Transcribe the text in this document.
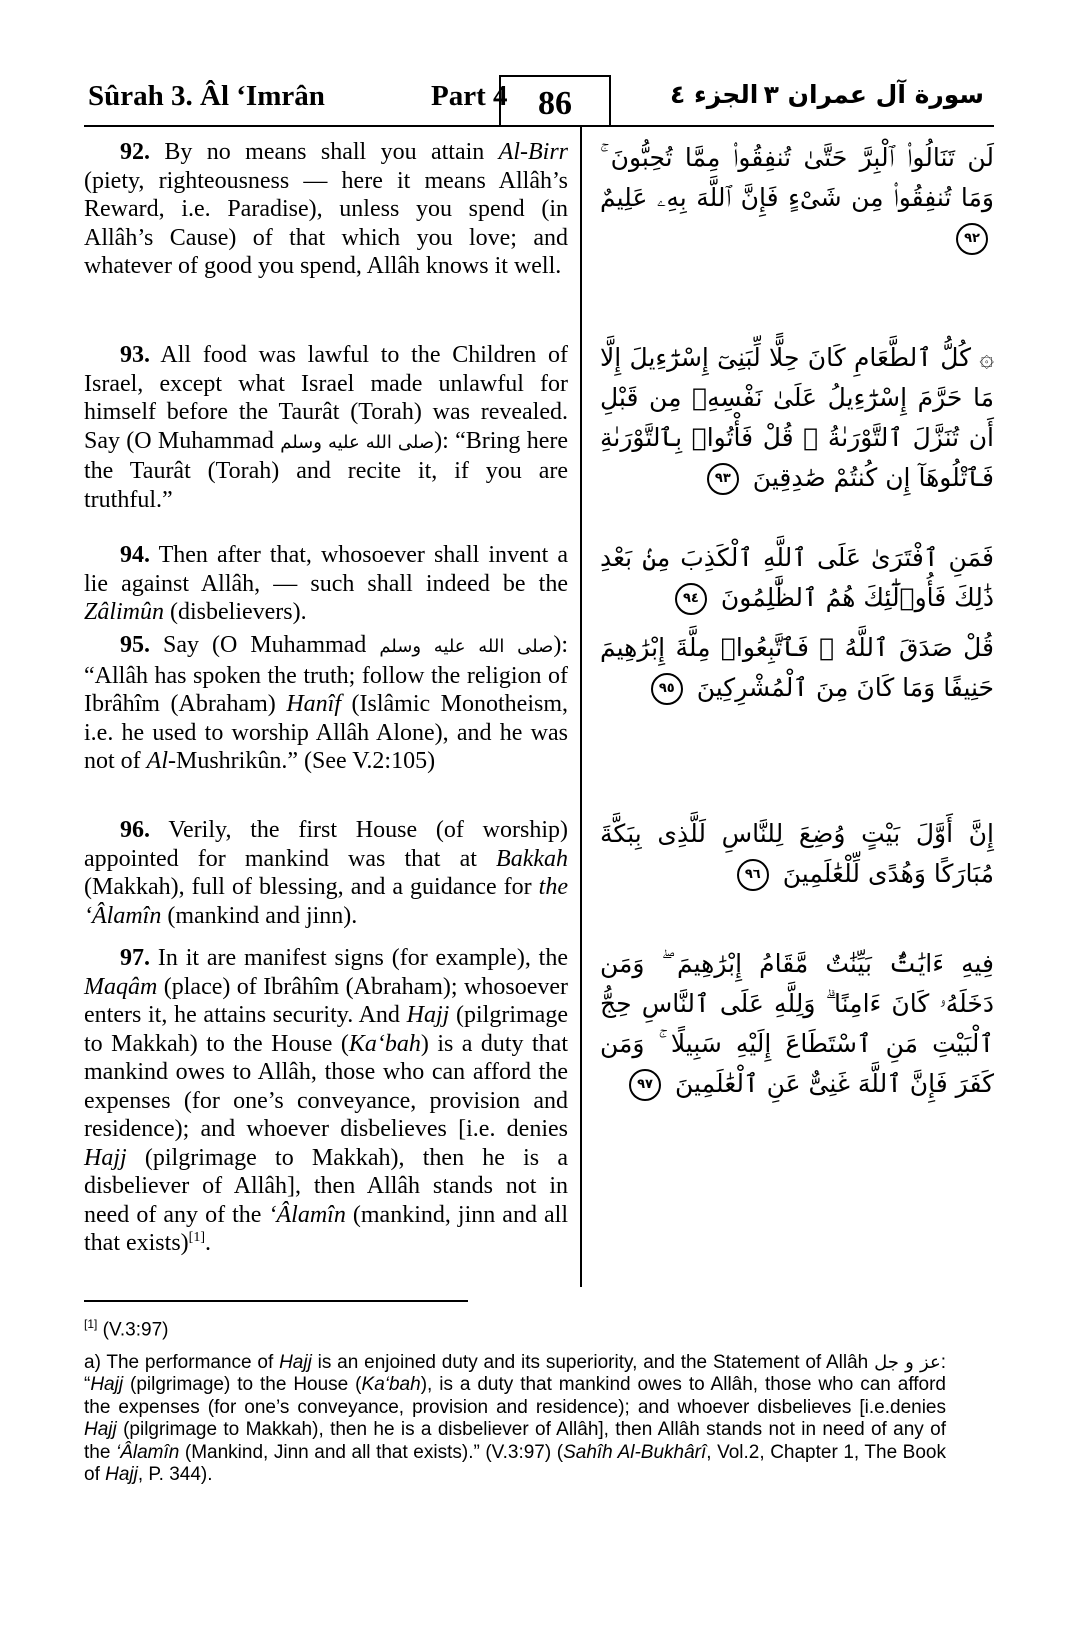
Sûrah 3. Âl ‘Imrân	Part 4 86	الجزء ٤ سورة آل عمران ٣

92. By no means shall you attain Al-Birr (piety, righteousness — here it means Allâh’s Reward, i.e. Paradise), unless you spend (in Allâh’s Cause) of that which you love; and whatever of good you spend, Allâh knows it well.

93. All food was lawful to the Children of Israel, except what Israel made unlawful for himself before the Taurât (Torah) was revealed. Say (O Muhammad صلى الله عليه وسلم): “Bring here the Taurât (Torah) and recite it, if you are truthful.”

94. Then after that, whosoever shall invent a lie against Allâh, — such shall indeed be the Zâlimûn (disbelievers).

95. Say (O Muhammad صلى الله عليه وسلم): “Allâh has spoken the truth; follow the religion of Ibrâhîm (Abraham) Hanîf (Islâmic Monotheism, i.e. he used to worship Allâh Alone), and he was not of Al-Mushrikûn.” (See V.2:105)

96. Verily, the first House (of worship) appointed for mankind was that at Bakkah (Makkah), full of blessing, and a guidance for the ‘Âlamîn (mankind and jinn).

97. In it are manifest signs (for example), the Maqâm (place) of Ibrâhîm (Abraham); whosoever enters it, he attains security. And Hajj (pilgrimage to Makkah) to the House (Ka‘bah) is a duty that mankind owes to Allâh, those who can afford the expenses (for one’s conveyance, provision and residence); and whoever disbelieves [i.e. denies Hajj (pilgrimage to Makkah), then he is a disbeliever of Allâh], then Allâh stands not in need of any of the ‘Âlamîn (mankind, jinn and all that exists)[1].

لَن تَنَالُوا۟ ٱلْبِرَّ حَتَّىٰ تُنفِقُوا۟ مِمَّا تُحِبُّونَ ۚ وَمَا تُنفِقُوا۟ مِن شَىْءٍ فَإِنَّ ٱللَّهَ بِهِۦ عَلِيمٌ ٩٢
۞ كُلُّ ٱلطَّعَامِ كَانَ حِلًّا لِّبَنِىٓ إِسْرَٰٓءِيلَ إِلَّا مَا حَرَّمَ إِسْرَٰٓءِيلُ عَلَىٰ نَفْسِهِۦ مِن قَبْلِ أَن تُنَزَّلَ ٱلتَّوْرَىٰةُ ۗ قُلْ فَأْتُوا۟ بِٱلتَّوْرَىٰةِ فَٱتْلُوهَآ إِن كُنتُمْ صَٰدِقِينَ ٩٣
فَمَنِ ٱفْتَرَىٰ عَلَى ٱللَّهِ ٱلْكَذِبَ مِنۢ بَعْدِ ذَٰلِكَ فَأُو۟لَٰٓئِكَ هُمُ ٱلظَّٰلِمُونَ ٩٤
قُلْ صَدَقَ ٱللَّهُ ۗ فَٱتَّبِعُوا۟ مِلَّةَ إِبْرَٰهِيمَ حَنِيفًا وَمَا كَانَ مِنَ ٱلْمُشْرِكِينَ ٩٥
إِنَّ أَوَّلَ بَيْتٍ وُضِعَ لِلنَّاسِ لَلَّذِى بِبَكَّةَ مُبَارَكًا وَهُدًى لِّلْعَٰلَمِينَ ٩٦
فِيهِ ءَايَٰتٌۢ بَيِّنَٰتٌ مَّقَامُ إِبْرَٰهِيمَ ۖ وَمَن دَخَلَهُۥ كَانَ ءَامِنًا ۗ وَلِلَّهِ عَلَى ٱلنَّاسِ حِجُّ ٱلْبَيْتِ مَنِ ٱسْتَطَاعَ إِلَيْهِ سَبِيلًا ۚ وَمَن كَفَرَ فَإِنَّ ٱللَّهَ غَنِىٌّ عَنِ ٱلْعَٰلَمِينَ ٩٧
[1] (V.3:97)
a) The performance of Hajj is an enjoined duty and its superiority, and the Statement of Allâh عز و جل: “Hajj (pilgrimage) to the House (Ka‘bah), is a duty that mankind owes to Allâh, those who can afford the expenses (for one’s conveyance, provision and residence); and whoever disbelieves [i.e.denies Hajj (pilgrimage to Makkah), then he is a disbeliever of Allâh], then Allâh stands not in need of any of the ‘Âlamîn (Mankind, Jinn and all that exists).” (V.3:97) (Sahîh Al-Bukhârî, Vol.2, Chapter 1, The Book of Hajj, P. 344).
